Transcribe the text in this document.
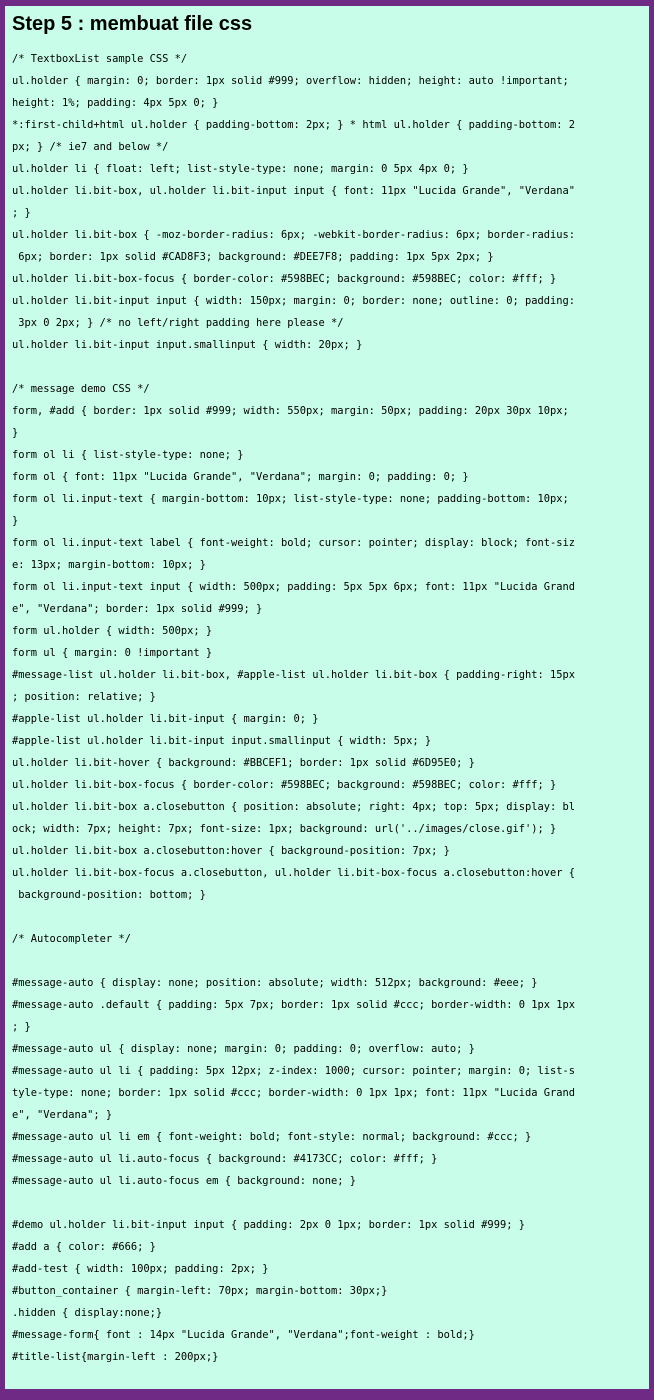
Step 5 : membuat file css
/* TextboxList sample CSS */
ul.holder { margin: 0; border: 1px solid #999; overflow: hidden; height: auto !important;
height: 1%; padding: 4px 5px 0; }
*:first-child+html ul.holder { padding-bottom: 2px; } * html ul.holder { padding-bottom: 2
px; } /* ie7 and below */
ul.holder li { float: left; list-style-type: none; margin: 0 5px 4px 0; }
ul.holder li.bit-box, ul.holder li.bit-input input { font: 11px "Lucida Grande", "Verdana"
; }
ul.holder li.bit-box { -moz-border-radius: 6px; -webkit-border-radius: 6px; border-radius:
6px; border: 1px solid #CAD8F3; background: #DEE7F8; padding: 1px 5px 2px; }
ul.holder li.bit-box-focus { border-color: #598BEC; background: #598BEC; color: #fff; }
ul.holder li.bit-input input { width: 150px; margin: 0; border: none; outline: 0; padding:
3px 0 2px; } /* no left/right padding here please */
ul.holder li.bit-input input.smallinput { width: 20px; }
/* message demo CSS */
form, #add { border: 1px solid #999; width: 550px; margin: 50px; padding: 20px 30px 10px;
}
form ol li { list-style-type: none; }
form ol { font: 11px "Lucida Grande", "Verdana"; margin: 0; padding: 0; }
form ol li.input-text { margin-bottom: 10px; list-style-type: none; padding-bottom: 10px;
}
form ol li.input-text label { font-weight: bold; cursor: pointer; display: block; font-siz
e: 13px; margin-bottom: 10px; }
form ol li.input-text input { width: 500px; padding: 5px 5px 6px; font: 11px "Lucida Grand
e", "Verdana"; border: 1px solid #999; }
form ul.holder { width: 500px; }
form ul { margin: 0 !important }
#message-list ul.holder li.bit-box, #apple-list ul.holder li.bit-box { padding-right: 15px
; position: relative; }
#apple-list ul.holder li.bit-input { margin: 0; }
#apple-list ul.holder li.bit-input input.smallinput { width: 5px; }
ul.holder li.bit-hover { background: #BBCEF1; border: 1px solid #6D95E0; }
ul.holder li.bit-box-focus { border-color: #598BEC; background: #598BEC; color: #fff; }
ul.holder li.bit-box a.closebutton { position: absolute; right: 4px; top: 5px; display: bl
ock; width: 7px; height: 7px; font-size: 1px; background: url('../images/close.gif'); }
ul.holder li.bit-box a.closebutton:hover { background-position: 7px; }
ul.holder li.bit-box-focus a.closebutton, ul.holder li.bit-box-focus a.closebutton:hover {
background-position: bottom; }
/* Autocompleter */
#message-auto { display: none; position: absolute; width: 512px; background: #eee; }
#message-auto .default { padding: 5px 7px; border: 1px solid #ccc; border-width: 0 1px 1px
; }
#message-auto ul { display: none; margin: 0; padding: 0; overflow: auto; }
#message-auto ul li { padding: 5px 12px; z-index: 1000; cursor: pointer; margin: 0; list-s
tyle-type: none; border: 1px solid #ccc; border-width: 0 1px 1px; font: 11px "Lucida Grand
e", "Verdana"; }
#message-auto ul li em { font-weight: bold; font-style: normal; background: #ccc; }
#message-auto ul li.auto-focus { background: #4173CC; color: #fff; }
#message-auto ul li.auto-focus em { background: none; }
#demo ul.holder li.bit-input input { padding: 2px 0 1px; border: 1px solid #999; }
#add a { color: #666; }
#add-test { width: 100px; padding: 2px; }
#button_container { margin-left: 70px; margin-bottom: 30px;}
.hidden { display:none;}
#message-form{ font : 14px "Lucida Grande", "Verdana";font-weight : bold;}
#title-list{margin-left : 200px;}
